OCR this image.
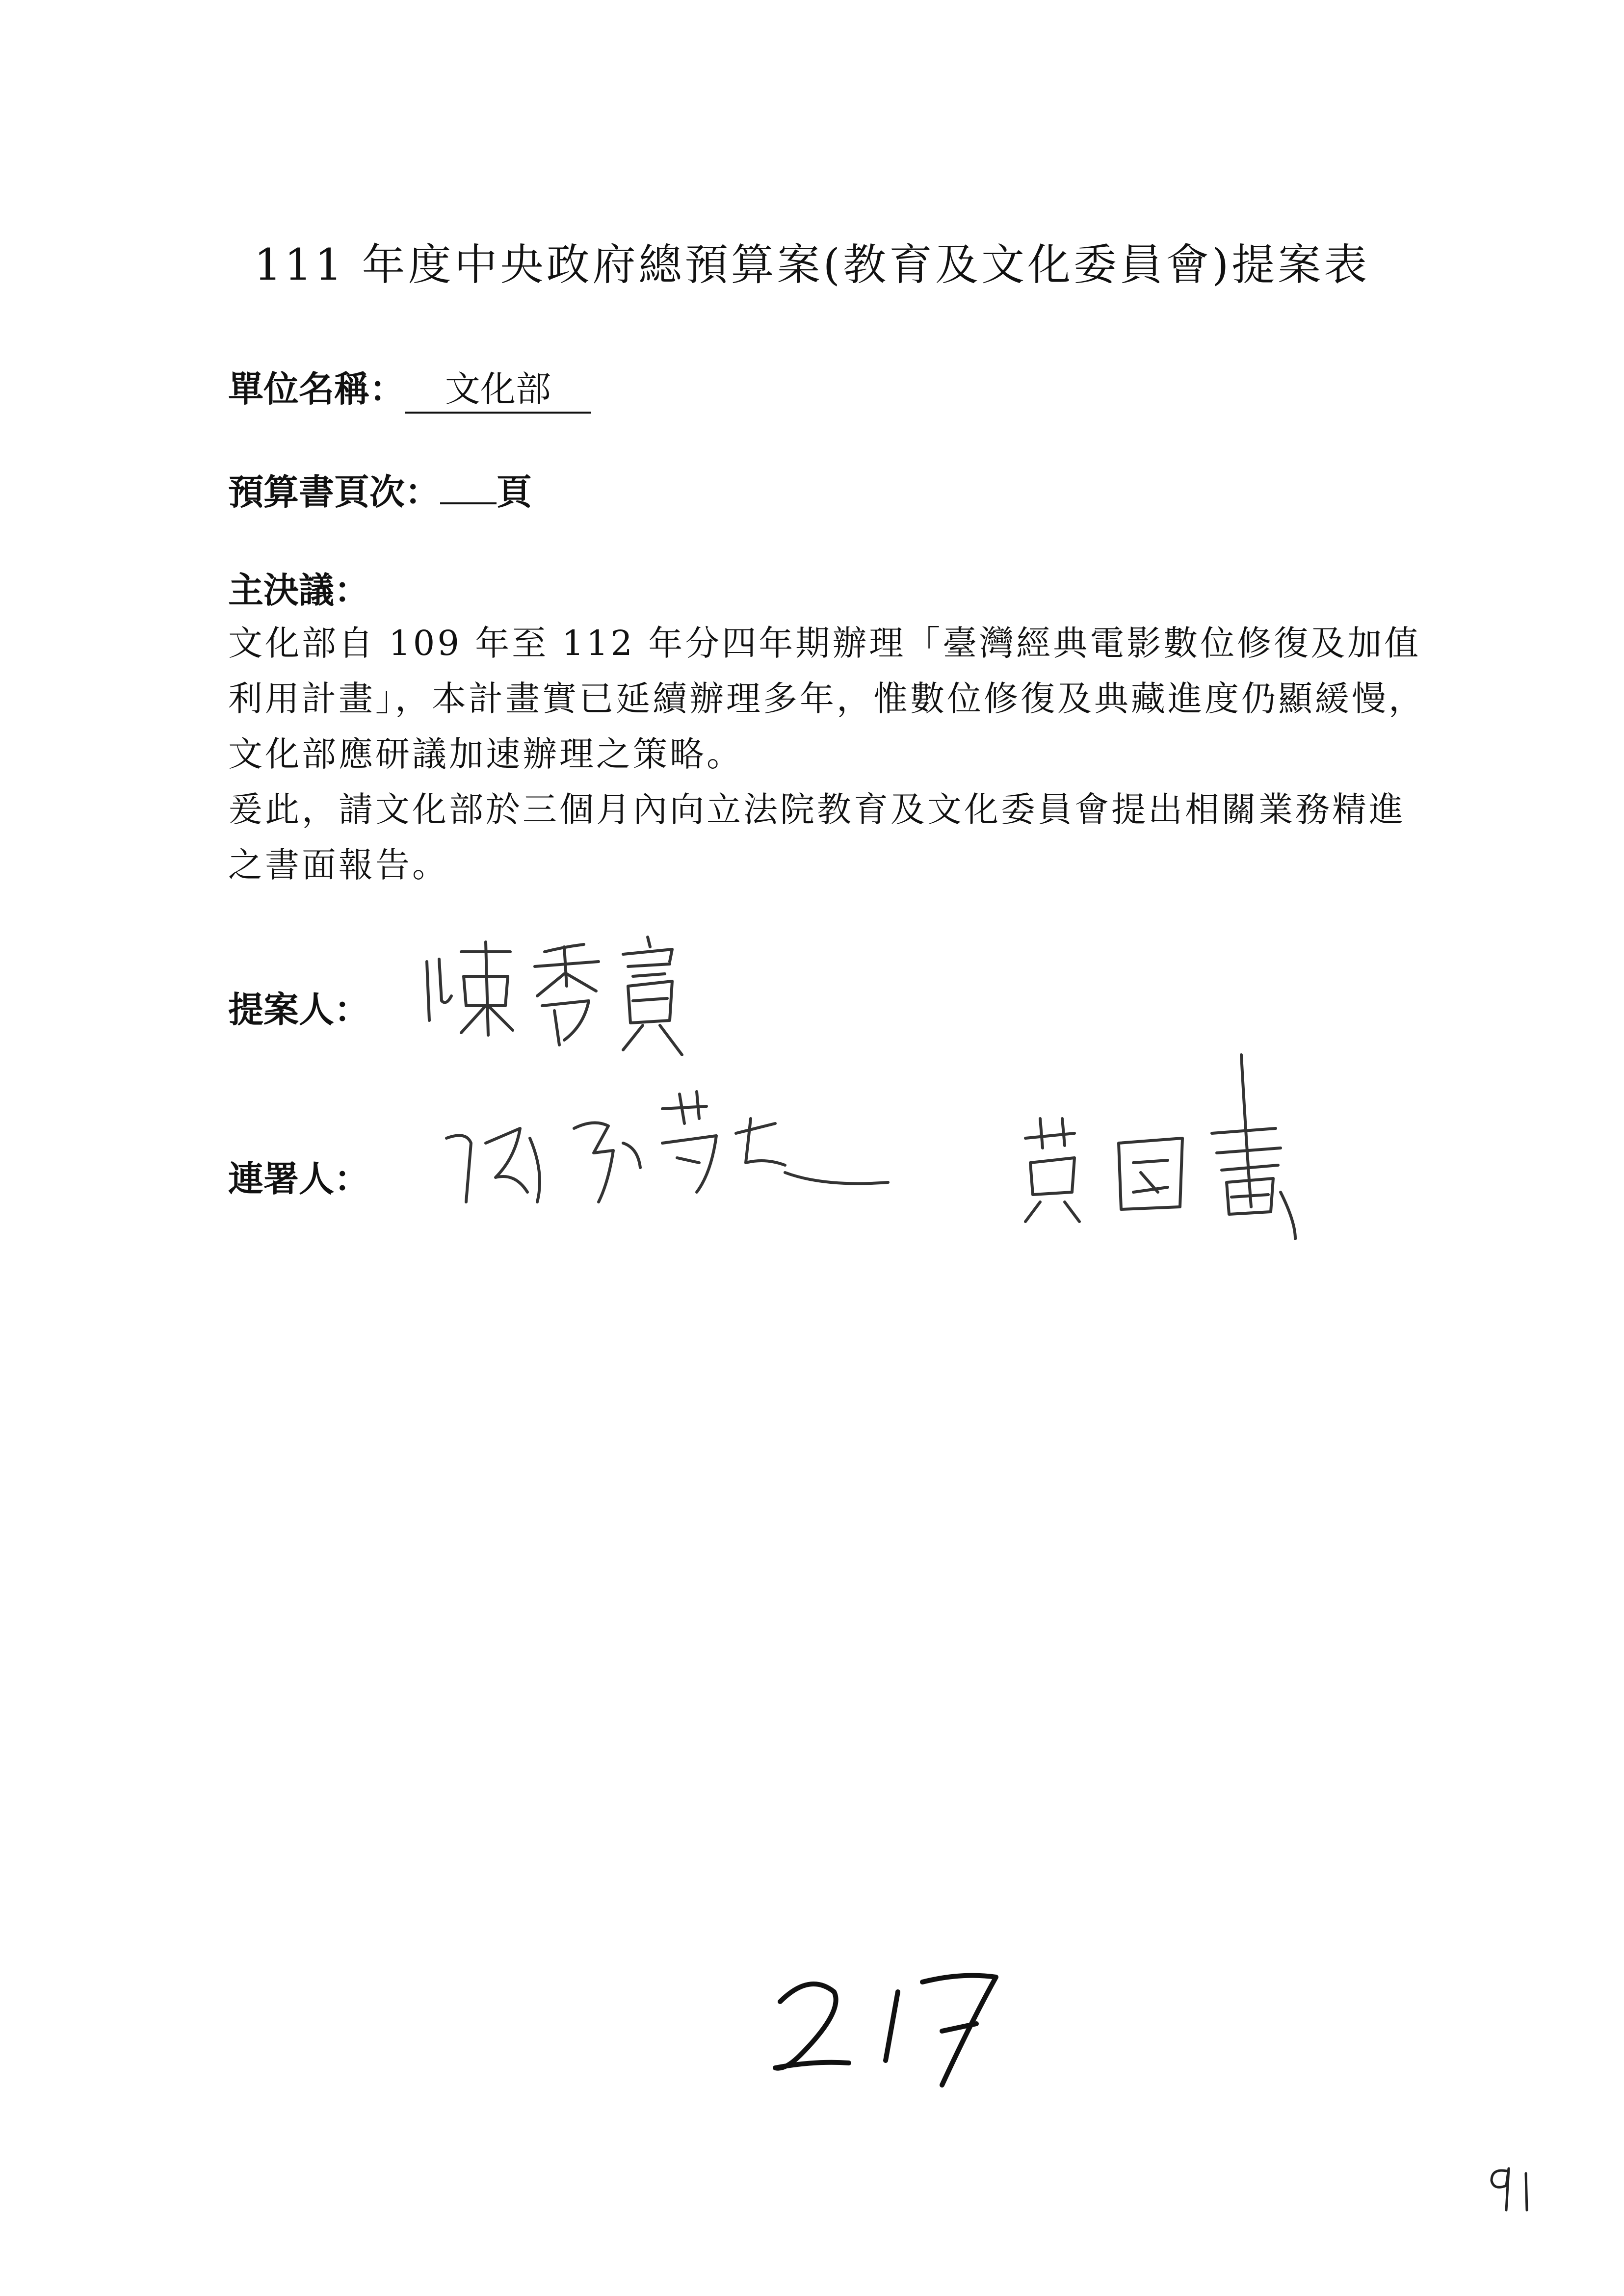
111 年度中央政府總預算案(教育及文化委員會)提案表
單位名稱： 文化部
預算書頁次： 頁
主決議：

文化部自 109 年至 112 年分四年期辦理「臺灣經典電影數位修復及加值利用計畫」，本計畫實已延續辦理多年，惟數位修復及典藏進度仍顯緩慢，文化部應研議加速辦理之策略。

爰此，請文化部於三個月內向立法院教育及文化委員會提出相關業務精進之書面報告。

提案人：
連署人：
